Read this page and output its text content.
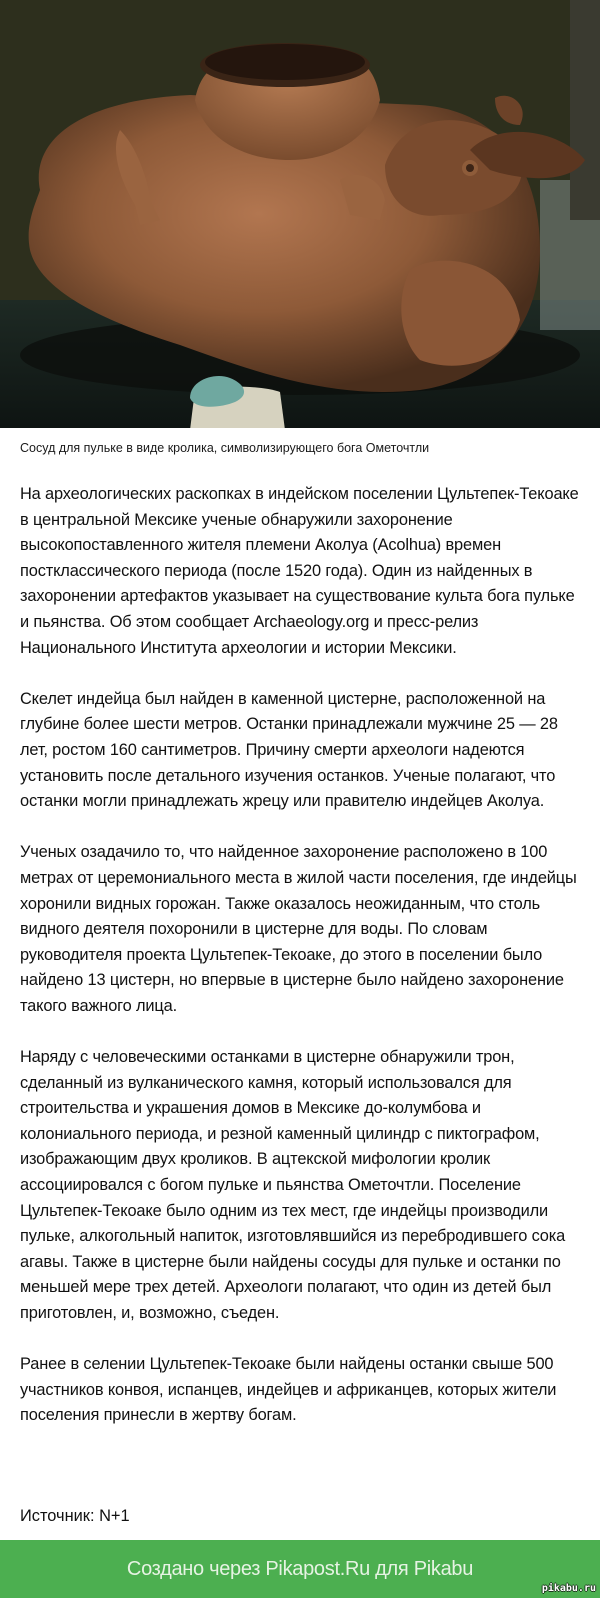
Сосуд для пульке в виде кролика, символизирующего бога Ометочтли

На археологических раскопках в индейском поселении Цультепек-Текоаке в центральной Мексике ученые обнаружили захоронение высокопоставленного жителя племени Аколуа (Acolhua) времен постклассического периода (после 1520 года). Один из найденных в захоронении артефактов указывает на существование культа бога пульке и пьянства. Об этом сообщает Archaeology.org и пресс-релиз Национального Института археологии и истории Мексики.

Скелет индейца был найден в каменной цистерне, расположенной на глубине более шести метров. Останки принадлежали мужчине 25 — 28 лет, ростом 160 сантиметров. Причину смерти археологи надеются установить после детального изучения останков. Ученые полагают, что останки могли принадлежать жрецу или правителю индейцев Аколуа.

Ученых озадачило то, что найденное захоронение расположено в 100 метрах от церемониального места в жилой части поселения, где индейцы хоронили видных горожан. Также оказалось неожиданным, что столь видного деятеля похоронили в цистерне для воды. По словам руководителя проекта Цультепек-Текоаке, до этого в поселении было найдено 13 цистерн, но впервые в цистерне было найдено захоронение такого важного лица.

Наряду с человеческими останками в цистерне обнаружили трон, сделанный из вулканического камня, который использовался для строительства и украшения домов в Мексике до-колумбова и колониального периода, и резной каменный цилиндр с пиктографом, изображающим двух кроликов. В ацтекской мифологии кролик ассоциировался с богом пульке и пьянства Ометочтли. Поселение Цультепек-Текоаке было одним из тех мест, где индейцы производили пульке, алкогольный напиток, изготовлявшийся из перебродившего сока агавы. Также в цистерне были найдены сосуды для пульке и останки по меньшей мере трех детей. Археологи полагают, что один из детей был приготовлен, и, возможно, съеден.

Ранее в селении Цультепек-Текоаке были найдены останки свыше 500 участников конвоя, испанцев, индейцев и африканцев, которых жители поселения принесли в жертву богам.

Источник: N+1
Создано через Pikapost.Ru для Pikabu
pikabu.ru
